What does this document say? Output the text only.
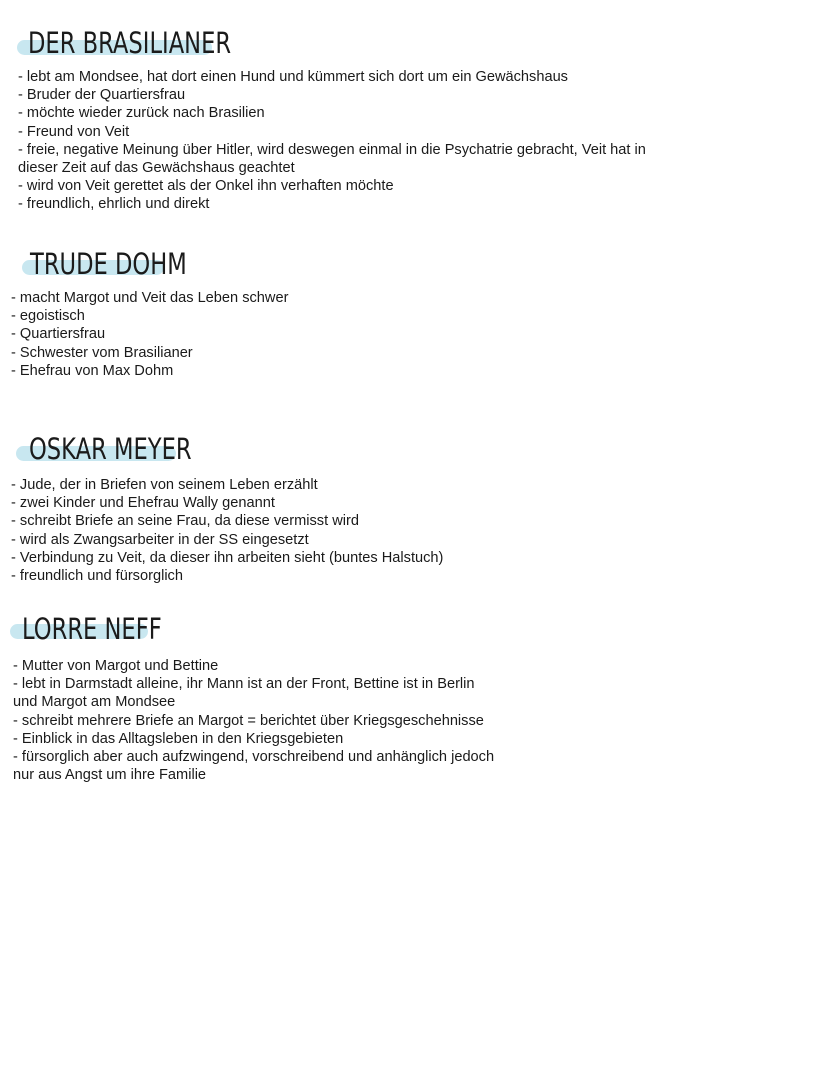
DER BRASILIANER
- lebt am Mondsee, hat dort einen Hund und kümmert sich dort um ein Gewächshaus
- Bruder der Quartiersfrau
- möchte wieder zurück nach Brasilien
- Freund von Veit
- freie, negative Meinung über Hitler, wird deswegen einmal in die Psychatrie gebracht, Veit hat in
dieser Zeit auf das Gewächshaus geachtet
- wird von Veit gerettet als der Onkel ihn verhaften möchte
- freundlich, ehrlich und direkt
TRUDE DOHM
- macht Margot und Veit das Leben schwer
- egoistisch
- Quartiersfrau
- Schwester vom Brasilianer
- Ehefrau von Max Dohm
OSKAR MEYER
- Jude, der in Briefen von seinem Leben erzählt
- zwei Kinder und Ehefrau Wally genannt
- schreibt Briefe an seine Frau, da diese vermisst wird
- wird als Zwangsarbeiter in der SS eingesetzt
- Verbindung zu Veit, da dieser ihn arbeiten sieht (buntes Halstuch)
- freundlich und fürsorglich
LORRE NEFF
- Mutter von Margot und Bettine
- lebt in Darmstadt alleine, ihr Mann ist an der Front, Bettine ist in Berlin
und Margot am Mondsee
- schreibt mehrere Briefe an Margot = berichtet über Kriegsgeschehnisse
- Einblick in das Alltagsleben in den Kriegsgebieten
- fürsorglich aber auch aufzwingend, vorschreibend und anhänglich jedoch
nur aus Angst um ihre Familie
